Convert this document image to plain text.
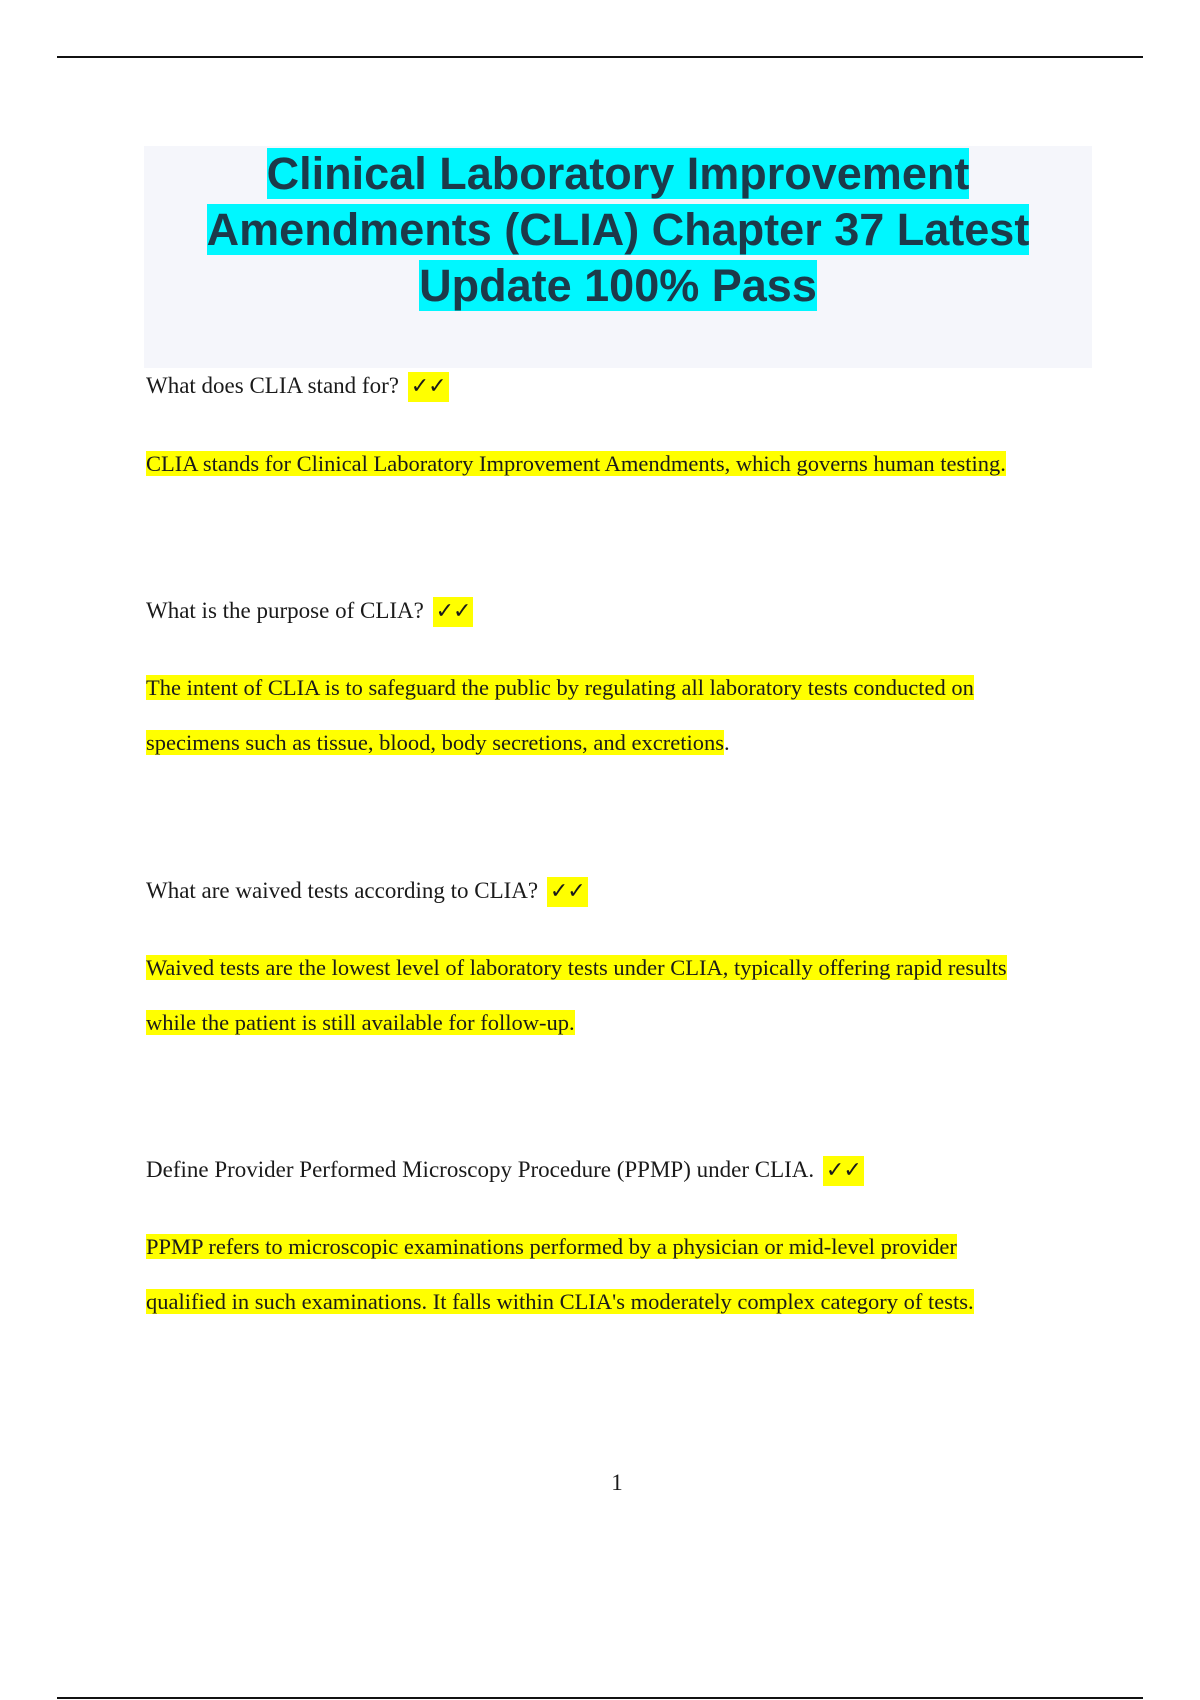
Clinical Laboratory Improvement
Amendments (CLIA) Chapter 37 Latest
Update 100% Pass
What does CLIA stand for? ✓✓
CLIA stands for Clinical Laboratory Improvement Amendments, which governs human testing.
What is the purpose of CLIA? ✓✓
The intent of CLIA is to safeguard the public by regulating all laboratory tests conducted on
specimens such as tissue, blood, body secretions, and excretions.
What are waived tests according to CLIA? ✓✓
Waived tests are the lowest level of laboratory tests under CLIA, typically offering rapid results
while the patient is still available for follow-up.
Define Provider Performed Microscopy Procedure (PPMP) under CLIA. ✓✓
PPMP refers to microscopic examinations performed by a physician or mid-level provider
qualified in such examinations. It falls within CLIA's moderately complex category of tests.
1
